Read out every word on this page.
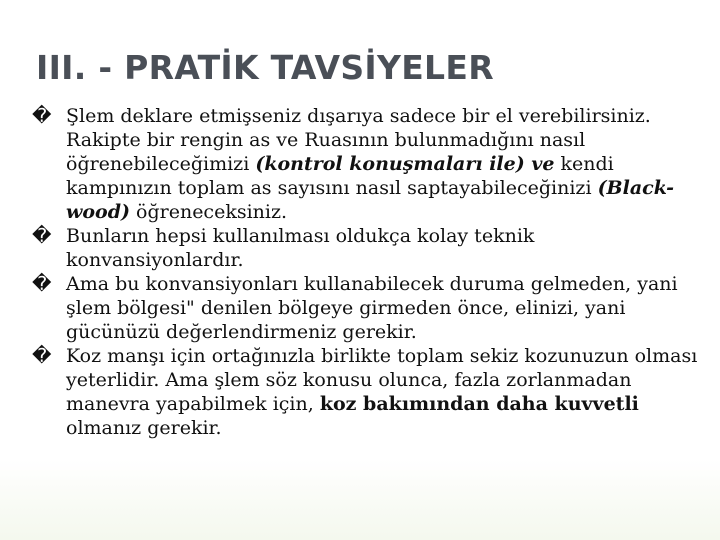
III. - PRATİK TAVSİYELER
� Şlem deklare etmişseniz dışarıya sadece bir el verebilirsiniz. Rakipte bir rengin as ve Ruasının bulunmadığını nasıl öğrenebileceğimizi (kontrol konuşmaları ile) ve kendi kampınızın toplam as sayısını nasıl saptayabileceğinizi (Black-wood) öğreneceksiniz.
� Bunların hepsi kullanılması oldukça kolay teknik konvansiyonlardır.
� Ama bu konvansiyonları kullanabilecek duruma gelmeden, yani şlem bölgesi" denilen bölgeye girmeden önce, elinizi, yani gücünüzü değerlendirmeniz gerekir.
� Koz manşı için ortağınızla birlikte toplam sekiz kozunuzun olması yeterlidir. Ama şlem söz konusu olunca, fazla zorlanmadan manevra yapabilmek için, koz bakımından daha kuvvetli olmanız gerekir.
